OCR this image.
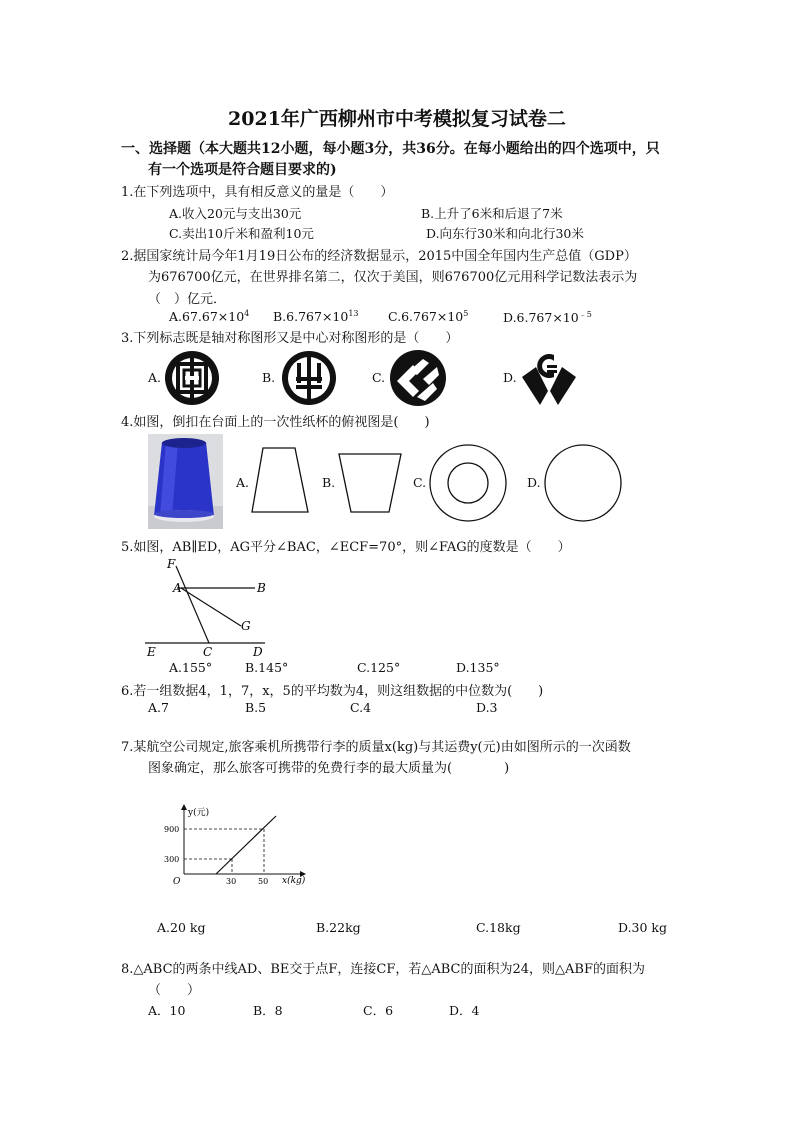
2021年广西柳州市中考模拟复习试卷二
一、选择题（本大题共12小题，每小题3分，共36分。在每小题给出的四个选项中，只
有一个选项是符合题目要求的)
1.在下列选项中，具有相反意义的量是（　　）
A.收入20元与支出30元	B.上升了6米和后退了7米
C.卖出10斤米和盈利10元	D.向东行30米和向北行30米
2.据国家统计局今年1月19日公布的经济数据显示，2015中国全年国内生产总值（GDP）
为676700亿元，在世界排名第二，仅次于美国，则676700亿元用科学记数法表示为
（　）亿元．
$A.67.67\times 10^4$ $B.6.767\times 10^{13}$ $C.6.767\times 10^5$	$D.6.767\times 10^{﹣5}$
3.下列标志既是轴对称图形又是中心对称图形的是（　　）
A.	B.	C.	D.
4.如图，倒扣在台面上的一次性纸杯的俯视图是(　　)
A.	B.	C.	D.
5.如图，AB∥ED，AG平分∠BAC，∠ECF=70°，则∠FAG的度数是（　　）
F
A	B
G
E	C	D
A.155°	B.145°	C.125°	D.135°
6.若一组数据4，1，7，x，5的平均数为4，则这组数据的中位数为(　　)
A.7	B.5	C.4	D.3
7.某航空公司规定,旅客乘机所携带行李的质量x(kg)与其运费y(元)由如图所示的一次函数
图象确定，那么旅客可携带的免费行李的最大质量为(　　　　)
y(元)
x(kg)
900
300
30	50
O
A.20 kg	B.22kg	C.18kg	D.30 kg
8.△ABC的两条中线AD、BE交于点F，连接CF，若△ABC的面积为24，则△ABF的面积为
（　　）
A．10	B．8	C．6	D．4
